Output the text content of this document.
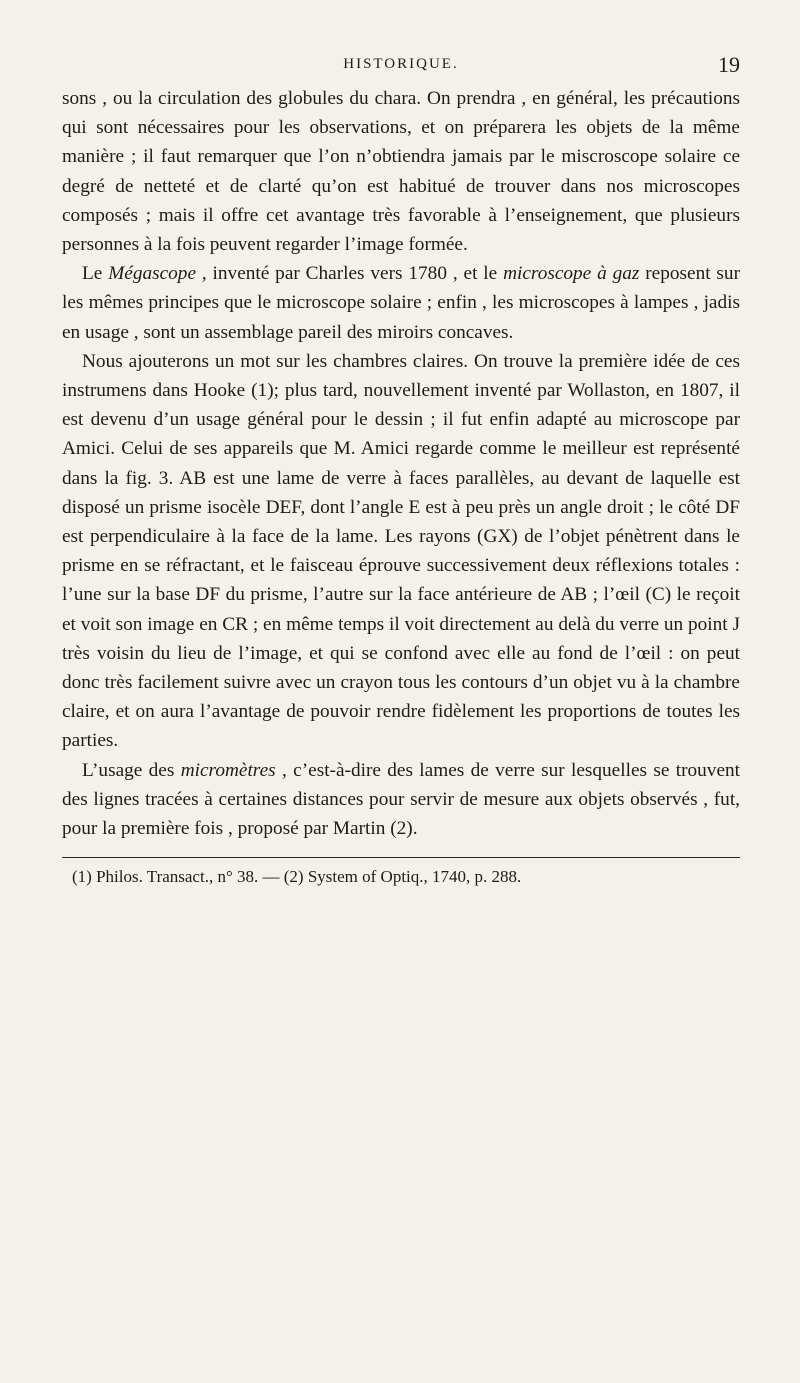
HISTORIQUE.	19

sons , ou la circulation des globules du chara. On prendra , en général, les précautions qui sont nécessaires pour les observations, et on préparera les objets de la même manière ; il faut remarquer que l’on n’obtiendra jamais par le miscroscope solaire ce degré de netteté et de clarté qu’on est habitué de trouver dans nos microscopes composés ; mais il offre cet avantage très favorable à l’enseignement, que plusieurs personnes à la fois peuvent regarder l’image formée.

Le Mégascope , inventé par Charles vers 1780 , et le microscope à gaz reposent sur les mêmes principes que le microscope solaire ; enfin , les microscopes à lampes , jadis en usage , sont un assemblage pareil des miroirs concaves.

Nous ajouterons un mot sur les chambres claires. On trouve la première idée de ces instrumens dans Hooke (1); plus tard, nouvellement inventé par Wollaston, en 1807, il est devenu d’un usage général pour le dessin ; il fut enfin adapté au microscope par Amici. Celui de ses appareils que M. Amici regarde comme le meilleur est représenté dans la fig. 3. AB est une lame de verre à faces parallèles, au devant de laquelle est disposé un prisme isocèle DEF, dont l’angle E est à peu près un angle droit ; le côté DF est perpendiculaire à la face de la lame. Les rayons (GX) de l’objet pénètrent dans le prisme en se réfractant, et le faisceau éprouve successivement deux réflexions totales : l’une sur la base DF du prisme, l’autre sur la face antérieure de AB ; l’œil (C) le reçoit et voit son image en CR ; en même temps il voit directement au delà du verre un point J très voisin du lieu de l’image, et qui se confond avec elle au fond de l’œil : on peut donc très facilement suivre avec un crayon tous les contours d’un objet vu à la chambre claire, et on aura l’avantage de pouvoir rendre fidèlement les proportions de toutes les parties.

L’usage des micromètres , c’est-à-dire des lames de verre sur lesquelles se trouvent des lignes tracées à certaines distances pour servir de mesure aux objets observés , fut, pour la première fois , proposé par Martin (2).

(1) Philos. Transact., n° 38. — (2) System of Optiq., 1740, p. 288.
